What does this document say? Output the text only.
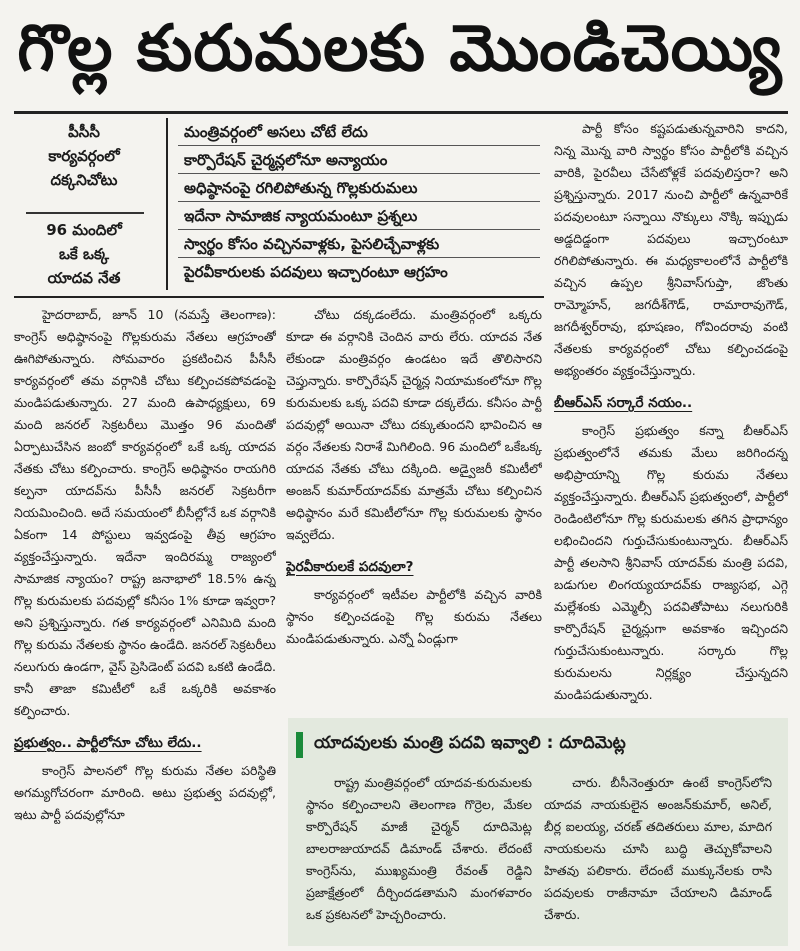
గొల్ల కురుమలకు మొండిచెయ్యి
పీసీసీ
కార్యవర్గంలో
దక్కనిచోటు
96 మందిలో
ఒకే ఒక్క
యాదవ నేత
మంత్రివర్గంలో అసలు చోటే లేదు
కార్పొరేషన్ చైర్మన్లలోనూ అన్యాయం
అధిష్ఠానంపై రగిలిపోతున్న గొల్లకురుమలు
ఇదేనా సామాజిక న్యాయమంటూ ప్రశ్నలు
స్వార్థం కోసం వచ్చినవాళ్లకు, పైసలిచ్చేవాళ్లకు
పైరవీకారులకు పదవులు ఇచ్చారంటూ ఆగ్రహం

హైదరాబాద్, జూన్ 10 (నమస్తే తెలంగాణ): కాంగ్రెస్ అధిష్ఠానంపై గొల్లకురుమ నేతలు ఆగ్రహంతో ఊగిపోతున్నారు. సోమవారం ప్రకటించిన పీసీసీ కార్యవర్గంలో తమ వర్గానికి చోటు కల్పించకపోవడంపై మండిపడుతున్నారు. 27 మంది ఉపాధ్యక్షులు, 69 మంది జనరల్ సెక్రటరీలు మొత్తం 96 మందితో ఏర్పాటుచేసిన జంబో కార్యవర్గంలో ఒకే ఒక్క యాదవ నేతకు చోటు కల్పించారు. కాంగ్రెస్ అధిష్ఠానం రాయగిరి కల్పనా యాదవ్‌ను పీసీసీ జనరల్ సెక్రటరీగా నియమించింది. అదే సమయంలో బీసీల్లోనే ఒక వర్గానికి ఏకంగా 14 పోస్టులు ఇవ్వడంపై తీవ్ర ఆగ్రహం వ్యక్తంచేస్తున్నారు. ఇదేనా ఇందిరమ్మ రాజ్యంలో సామాజిక న్యాయం? రాష్ట్ర జనాభాలో 18.5% ఉన్న గొల్ల కురుమలకు పదవుల్లో కనీసం 1% కూడా ఇవ్వరా? అని ప్రశ్నిస్తున్నారు. గత కార్యవర్గంలో ఎనిమిది మంది గొల్ల కురుమ నేతలకు స్థానం ఉండేది. జనరల్ సెక్రటరీలు నలుగురు ఉండగా, వైస్ ప్రెసిడెంట్ పదవి ఒకటి ఉండేది. కానీ తాజా కమిటీలో ఒకే ఒక్కరికి అవకాశం కల్పించారు.

ప్రభుత్వం.. పార్టీలోనూ చోటు లేదు..

కాంగ్రెస్ పాలనలో గొల్ల కురుమ నేతల పరిస్థితి అగమ్యగోచరంగా మారింది. అటు ప్రభుత్వ పదవుల్లో, ఇటు పార్టీ పదవుల్లోనూ

చోటు దక్కడంలేదు. మంత్రివర్గంలో ఒక్కరు కూడా ఈ వర్గానికి చెందిన వారు లేరు. యాదవ నేత లేకుండా మంత్రివర్గం ఉండటం ఇదే తొలిసారని చెప్తున్నారు. కార్పొరేషన్ చైర్మన్ల నియామకంలోనూ గొల్ల కురుమలకు ఒక్క పదవి కూడా దక్కలేదు. కనీసం పార్టీ పదవుల్లో అయినా చోటు దక్కుతుందని భావించిన ఆ వర్గం నేతలకు నిరాశే మిగిలింది. 96 మందిలో ఒకేఒక్క యాదవ నేతకు చోటు దక్కింది. అడ్వైజరీ కమిటీలో అంజన్ కుమార్‌యాదవ్‌కు మాత్రమే చోటు కల్పించిన అధిష్ఠానం మరే కమిటీలోనూ గొల్ల కురుమలకు స్థానం ఇవ్వలేదు.

పైరవీకారులకే పదవులా?

కార్యవర్గంలో ఇటీవల పార్టీలోకి వచ్చిన వారికి స్థానం కల్పించడంపై గొల్ల కురుమ నేతలు మండిపడుతున్నారు. ఎన్నో ఏండ్లుగా

పార్టీ కోసం కష్టపడుతున్నవారిని కాదని, నిన్న మొన్న వారి స్వార్థం కోసం పార్టీలోకి వచ్చిన వారికి, పైరవీలు చేసేటోళ్లకే పదవులిస్తరా? అని ప్రశ్నిస్తున్నారు. 2017 నుంచి పార్టీలో ఉన్నవారికే పదవులంటూ సన్నాయి నొక్కులు నొక్కి ఇప్పుడు అడ్డదిడ్డంగా పదవులు ఇచ్చారంటూ రగిలిపోతున్నారు. ఈ మధ్యకాలంలోనే పార్టీలోకి వచ్చిన ఉప్పల శ్రీనివాస్‌గుప్తా, జొంతు రామ్మోహన్, జగదీశ్‌గౌడ్, రామారావుగౌడ్, జగదీశ్వర్‌రావు, భూషణం, గోవిందరావు వంటి నేతలకు కార్యవర్గంలో చోటు కల్పించడంపై అభ్యంతరం వ్యక్తంచేస్తున్నారు.

బీఆర్‌ఎస్ సర్కారే నయం..

కాంగ్రెస్ ప్రభుత్వం కన్నా బీఆర్‌ఎస్ ప్రభుత్వంలోనే తమకు మేలు జరిగిందన్న అభిప్రాయాన్ని గొల్ల కురుమ నేతలు వ్యక్తంచేస్తున్నారు. బీఆర్‌ఎస్ ప్రభుత్వంలో, పార్టీలో రెండింటిలోనూ గొల్ల కురుమలకు తగిన ప్రాధాన్యం లభించిందని గుర్తుచేసుకుంటున్నారు. బీఆర్‌ఎస్ పార్టీ తలసాని శ్రీనివాస్ యాదవ్‌కు మంత్రి పదవి, బడుగుల లింగయ్యయాదవ్‌కు రాజ్యసభ, ఎగ్గె మల్లేశంకు ఎమ్మెల్సీ పదవితోపాటు నలుగురికి కార్పొరేషన్ చైర్మన్లుగా అవకాశం ఇచ్చిందని గుర్తుచేసుకుంటున్నారు. సర్కారు గొల్ల కురుమలను నిర్లక్ష్యం చేస్తున్నదని మండిపడుతున్నారు.

యాదవులకు మంత్రి పదవి ఇవ్వాలి : దూదిమెట్ల

రాష్ట్ర మంత్రివర్గంలో యాదవ-కురుమలకు స్థానం కల్పించాలని తెలంగాణ గొర్రెల, మేకల కార్పొరేషన్ మాజీ చైర్మన్ దూదిమెట్ల బాలరాజుయాదవ్ డిమాండ్ చేశారు. లేదంటే కాంగ్రెస్‌ను, ముఖ్యమంత్రి రేవంత్ రెడ్డిని ప్రజాక్షేత్రంలో దీర్చిందడతామని మంగళవారం ఒక ప్రకటనలో హెచ్చరించారు.

చారు. బీసీనెంత్తురూ ఉంటే కాంగ్రెస్‌లోని యాదవ నాయకులైన అంజన్‌కుమార్, అనిల్, బీర్ల ఐలయ్య, చరణ్ తదితరులు మాల, మాదిగ నాయకులను చూసి బుద్ధి తెచ్చుకోవాలని హితవు పలికారు. లేదంటే ముక్కునేలకు రాసి పదవులకు రాజీనామా చేయాలని డిమాండ్ చేశారు.
